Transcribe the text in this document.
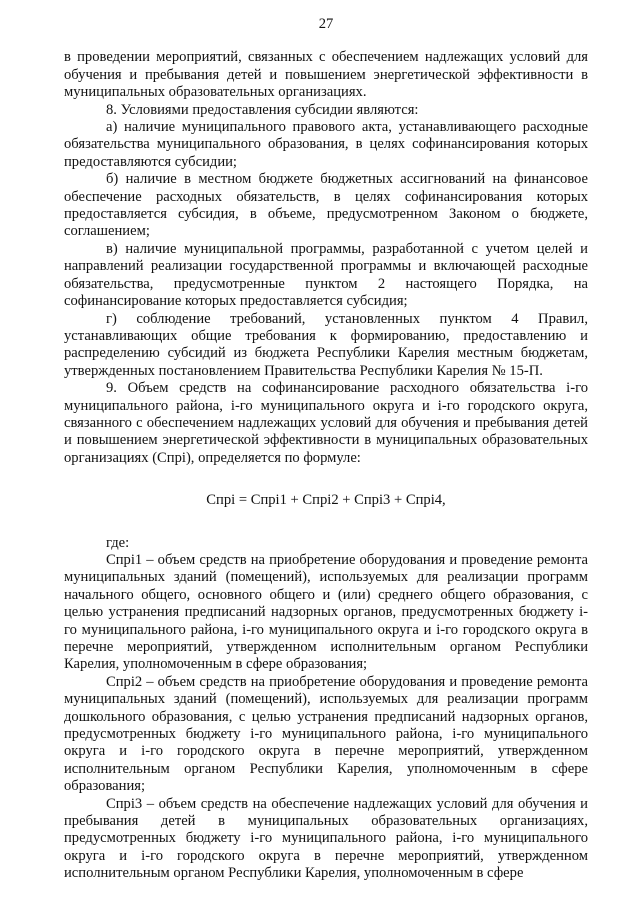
27

в проведении мероприятий, связанных с обеспечением надлежащих условий для обучения и пребывания детей и повышением энергетической эффективности в муниципальных образовательных организациях.

8. Условиями предоставления субсидии являются:

а) наличие муниципального правового акта, устанавливающего расходные обязательства муниципального образования, в целях софинансирования которых предоставляются субсидии;

б) наличие в местном бюджете бюджетных ассигнований на финансовое обеспечение расходных обязательств, в целях софинансирования которых предоставляется субсидия, в объеме, предусмотренном Законом о бюджете, соглашением;

в) наличие муниципальной программы, разработанной с учетом целей и направлений реализации государственной программы и включающей расходные обязательства, предусмотренные пунктом 2 настоящего Порядка, на софинансирование которых предоставляется субсидия;

г) соблюдение требований, установленных пунктом 4 Правил, устанавливающих общие требования к формированию, предоставлению и распределению субсидий из бюджета Республики Карелия местным бюджетам, утвержденных постановлением Правительства Республики Карелия № 15-П.

9. Объем средств на софинансирование расходного обязательства i-го муниципального района, i-го муниципального округа и i-го городского округа, связанного с обеспечением надлежащих условий для обучения и пребывания детей и повышением энергетической эффективности в муниципальных образовательных организациях (Cпрi), определяется по формуле:

Cпрi = Cпрi1 + Cпрi2 + Cпрi3 + Cпрi4,

где:

Cпрi1 – объем средств на приобретение оборудования и проведение ремонта муниципальных зданий (помещений), используемых для реализации программ начального общего, основного общего и (или) среднего общего образования, с целью устранения предписаний надзорных органов, предусмотренных бюджету i-го муниципального района, i-го муниципального округа и i-го городского округа в перечне мероприятий, утвержденном исполнительным органом Республики Карелия, уполномоченным в сфере образования;

Cпрi2 – объем средств на приобретение оборудования и проведение ремонта муниципальных зданий (помещений), используемых для реализации программ дошкольного образования, с целью устранения предписаний надзорных органов, предусмотренных бюджету i-го муниципального района, i-го муниципального округа и i-го городского округа в перечне мероприятий, утвержденном исполнительным органом Республики Карелия, уполномоченным в сфере образования;

Cпрi3 – объем средств на обеспечение надлежащих условий для обучения и пребывания детей в муниципальных образовательных организациях, предусмотренных бюджету i-го муниципального района, i-го муниципального округа и i-го городского округа в перечне мероприятий, утвержденном исполнительным органом Республики Карелия, уполномоченным в сфере
